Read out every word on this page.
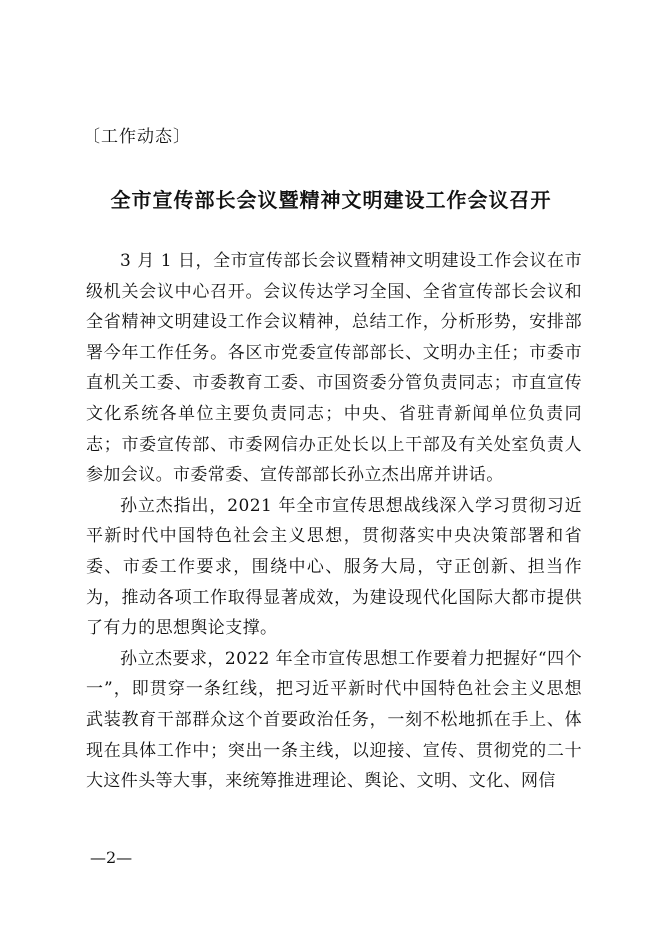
〔工作动态〕
全市宣传部长会议暨精神文明建设工作会议召开

3 月 1 日，全市宣传部长会议暨精神文明建设工作会议在市级机关会议中心召开。会议传达学习全国、全省宣传部长会议和全省精神文明建设工作会议精神，总结工作，分析形势，安排部署今年工作任务。各区市党委宣传部部长、文明办主任；市委市直机关工委、市委教育工委、市国资委分管负责同志；市直宣传文化系统各单位主要负责同志；中央、省驻青新闻单位负责同志；市委宣传部、市委网信办正处长以上干部及有关处室负责人参加会议。市委常委、宣传部部长孙立杰出席并讲话。

孙立杰指出，2021 年全市宣传思想战线深入学习贯彻习近平新时代中国特色社会主义思想，贯彻落实中央决策部署和省委、市委工作要求，围绕中心、服务大局，守正创新、担当作为，推动各项工作取得显著成效，为建设现代化国际大都市提供了有力的思想舆论支撑。

孙立杰要求，2022 年全市宣传思想工作要着力把握好“四个一”，即贯穿一条红线，把习近平新时代中国特色社会主义思想武装教育干部群众这个首要政治任务，一刻不松地抓在手上、体现在具体工作中；突出一条主线，以迎接、宣传、贯彻党的二十大这件头等大事，来统筹推进理论、舆论、文明、文化、网信

—2—
